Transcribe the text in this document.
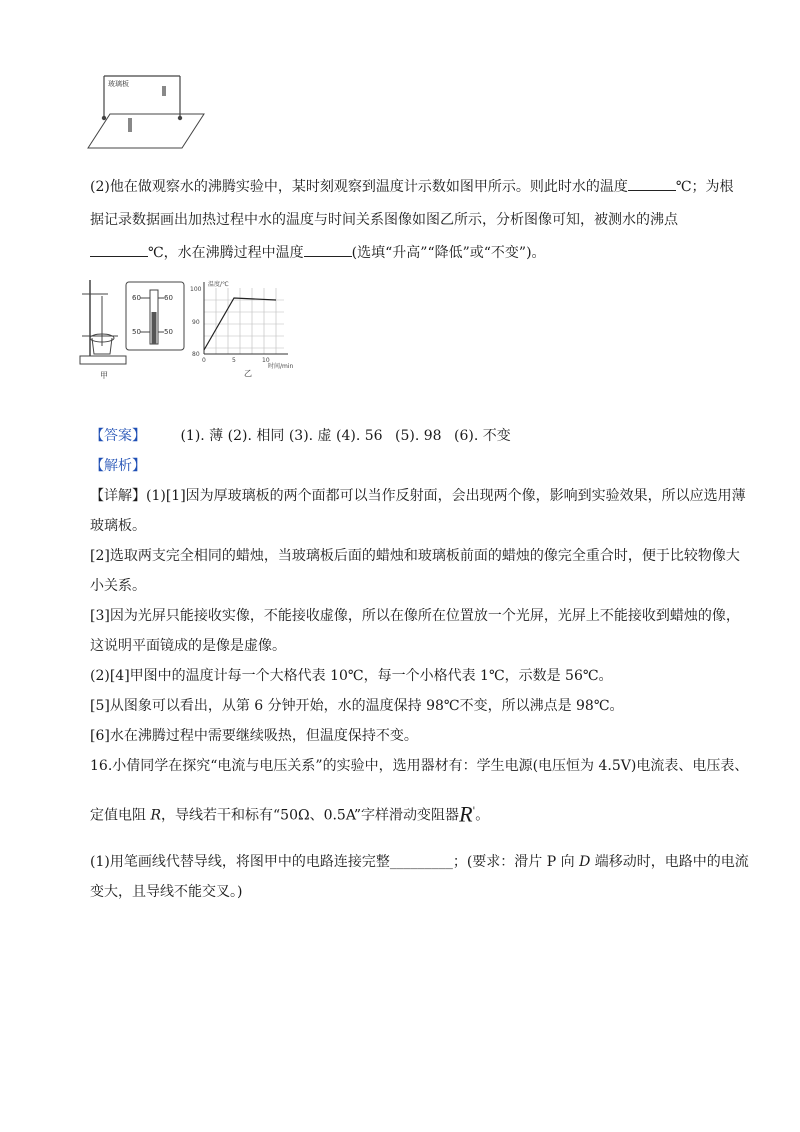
玻璃板
(2)他在做观察水的沸腾实验中，某时刻观察到温度计示数如图甲所示。则此时水的温度	℃；为根
据记录数据画出加热过程中水的温度与时间关系图像如图乙所示，分析图像可知，被测水的沸点
℃，水在沸腾过程中温度	(选填“升高”“降低”或“不变”)。
甲
60	60
50	50
温度/℃
100
90
80
0	5	10
时间/min
乙
【答案】 (1). 薄 (2). 相同 (3). 虚 (4). 56 (5). 98 (6). 不变
【解析】
【详解】(1)[1]因为厚玻璃板的两个面都可以当作反射面，会出现两个像，影响到实验效果，所以应选用薄
玻璃板。
[2]选取两支完全相同的蜡烛，当玻璃板后面的蜡烛和玻璃板前面的蜡烛的像完全重合时，便于比较物像大
小关系。
[3]因为光屏只能接收实像，不能接收虚像，所以在像所在位置放一个光屏，光屏上不能接收到蜡烛的像，
这说明平面镜成的是像是虚像。
(2)[4]甲图中的温度计每一个大格代表 10℃，每一个小格代表 1℃，示数是 56℃。
[5]从图象可以看出，从第 6 分钟开始，水的温度保持 98℃不变，所以沸点是 98℃。
[6]水在沸腾过程中需要继续吸热，但温度保持不变。
16.小倩同学在探究“电流与电压关系”的实验中，选用器材有：学生电源(电压恒为 4.5V)电流表、电压表、
定值电阻 R，导线若干和标有“50Ω、0.5A”字样滑动变阻器R'。
(1)用笔画线代替导线，将图甲中的电路连接完整_________；(要求：滑片 P 向 D 端移动时，电路中的电流
变大，且导线不能交叉。)
